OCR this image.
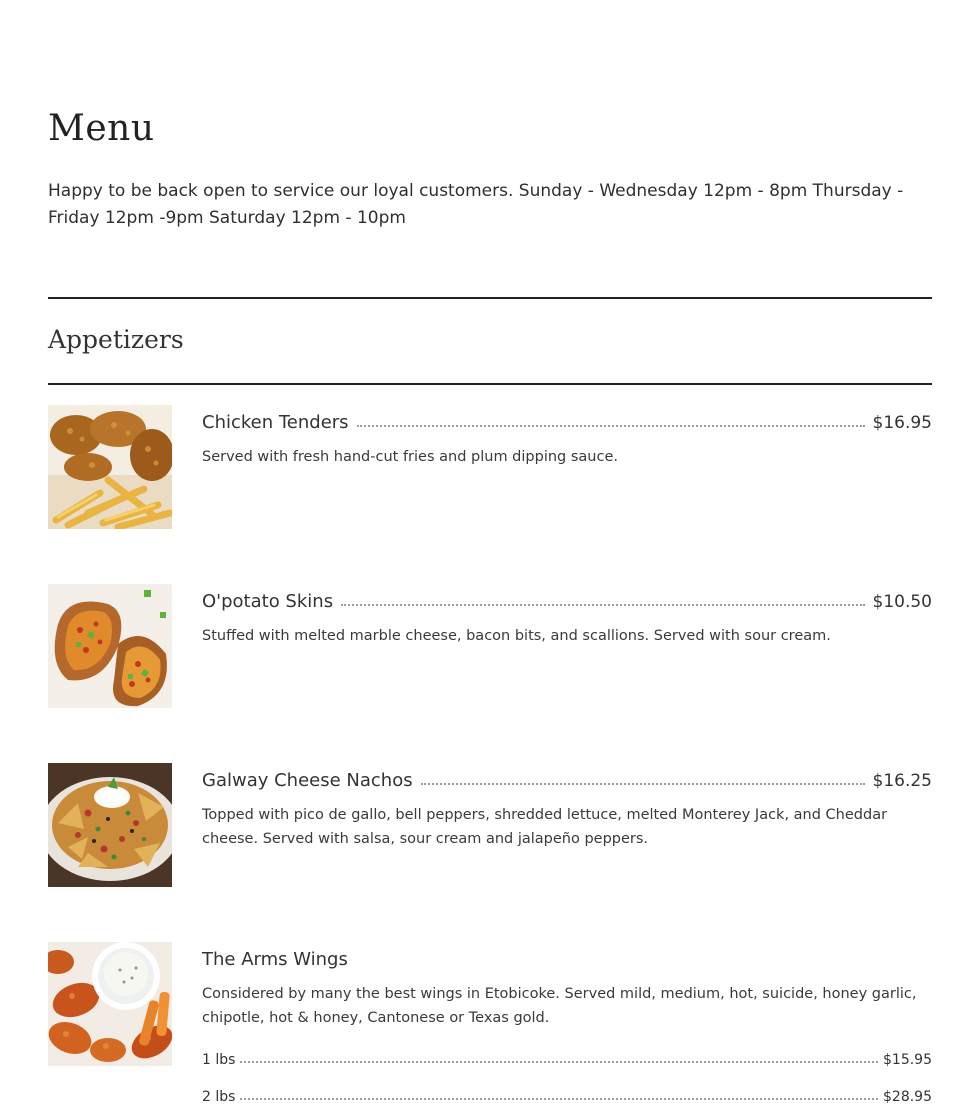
Menu

Happy to be back open to service our loyal customers. Sunday - Wednesday 12pm - 8pm Thursday - Friday 12pm -9pm Saturday 12pm - 10pm

Appetizers
Chicken Tenders	$16.95

Served with fresh hand-cut fries and plum dipping sauce.

O'potato Skins	$10.50

Stuffed with melted marble cheese, bacon bits, and scallions. Served with sour cream.

Galway Cheese Nachos	$16.25

Topped with pico de gallo, bell peppers, shredded lettuce, melted Monterey Jack, and Cheddar cheese. Served with salsa, sour cream and jalapeño peppers.

The Arms Wings

Considered by many the best wings in Etobicoke. Served mild, medium, hot, suicide, honey garlic, chipotle, hot & honey, Cantonese or Texas gold.

1 lbs	$15.95
2 lbs	$28.95
